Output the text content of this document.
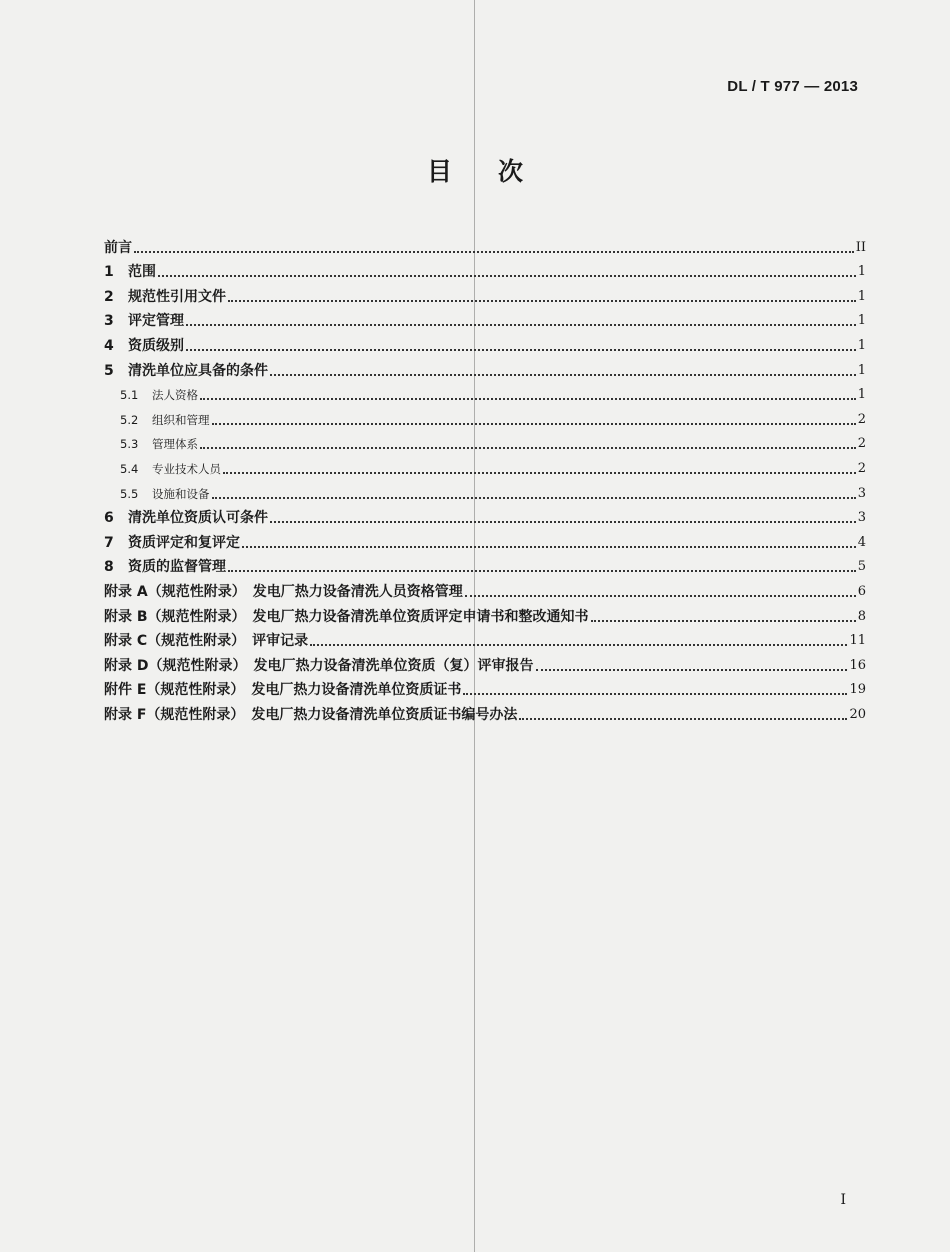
DL / T 977 — 2013
目 次
前言	II
1	范围	1
2	规范性引用文件	1
3	评定管理	1
4	资质级别	1
5	清洗单位应具备的条件	1
5.1	法人资格	1
5.2	组织和管理	2
5.3	管理体系	2
5.4	专业技术人员	2
5.5	设施和设备	3
6	清洗单位资质认可条件	3
7	资质评定和复评定	4
8	资质的监督管理	5
附录 A（规范性附录）　发电厂热力设备清洗人员资格管理	6
附录 B（规范性附录）　发电厂热力设备清洗单位资质评定申请书和整改通知书	8
附录 C（规范性附录）　评审记录	11
附录 D（规范性附录）　发电厂热力设备清洗单位资质（复）评审报告	16
附件 E（规范性附录）　发电厂热力设备清洗单位资质证书	19
附录 F（规范性附录）　发电厂热力设备清洗单位资质证书编号办法	20
I
